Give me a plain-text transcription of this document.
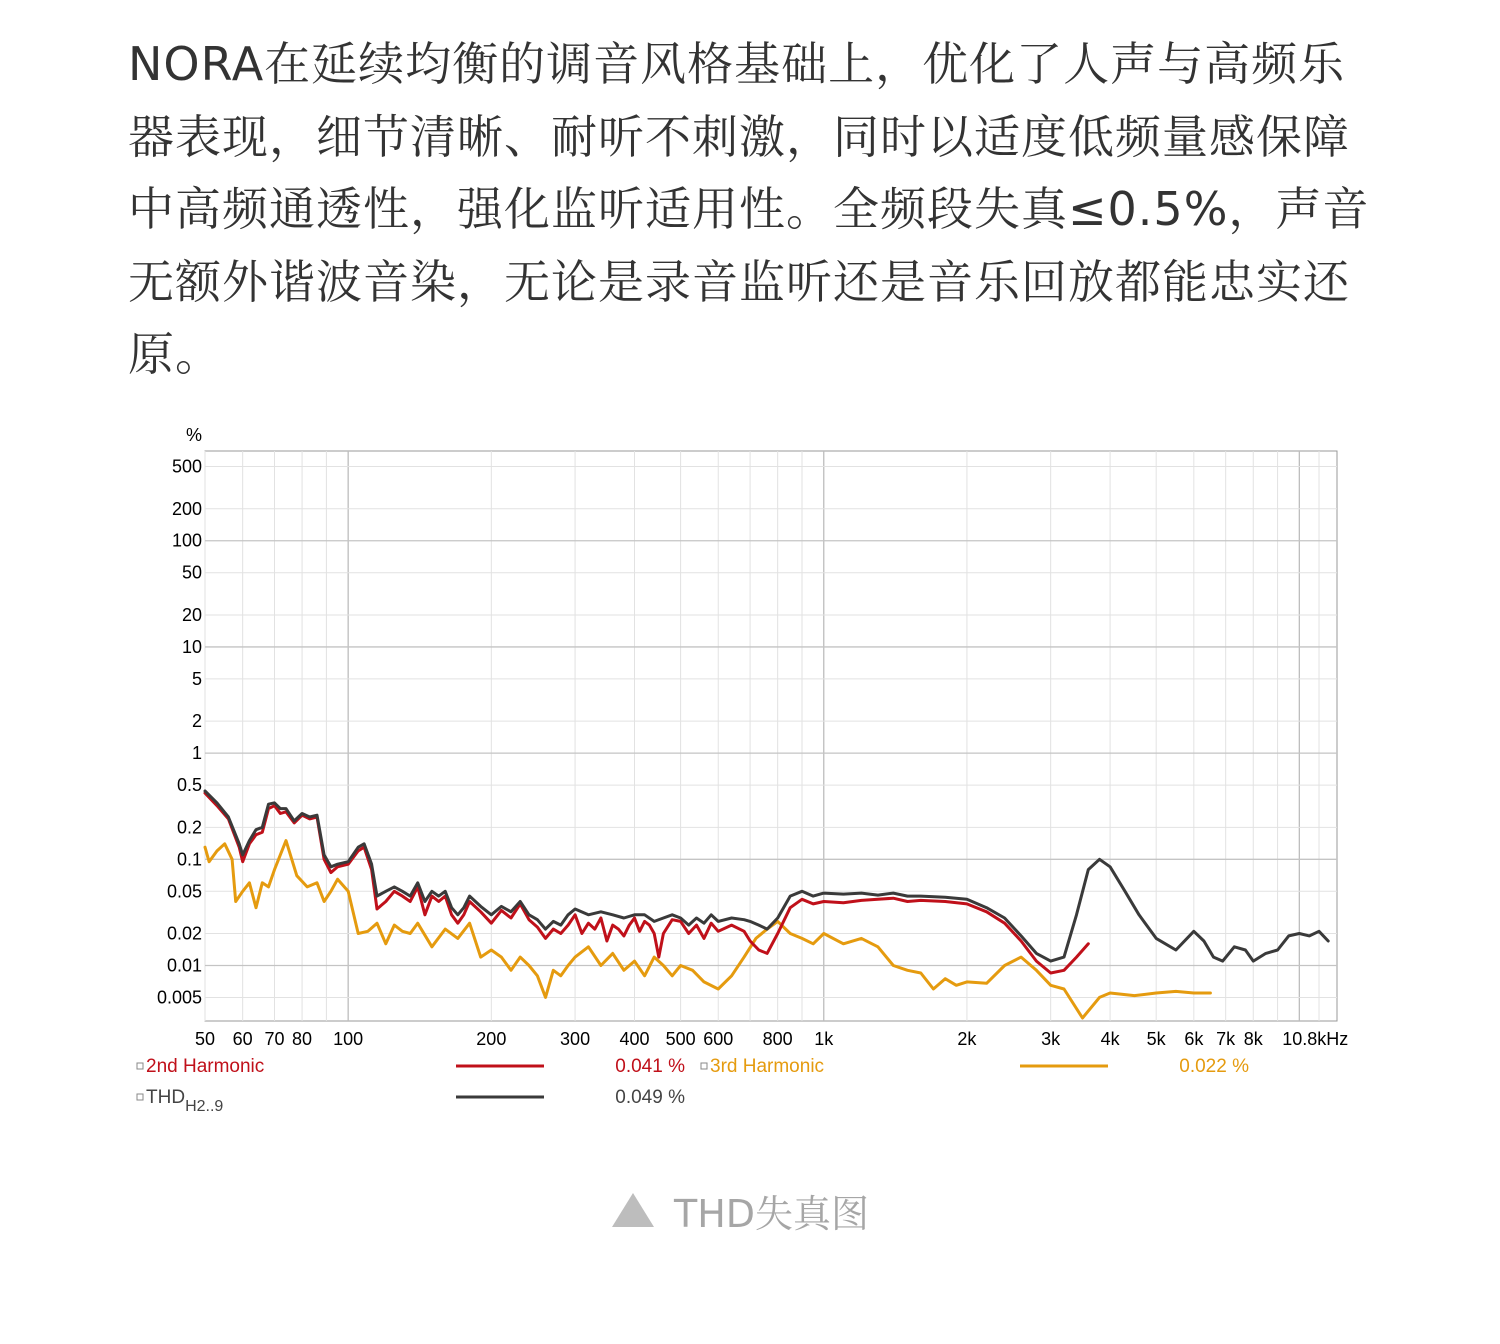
NORA在延续均衡的调音风格基础上，优化了人声与高频乐器表现，细节清晰、耐听不刺激，同时以适度低频量感保障中高频通透性，强化监听适用性。全频段失真≤0.5%，声音无额外谐波音染，无论是录音监听还是音乐回放都能忠实还原。

%
500
200
100
50
20
10
5
2
1
0.5
0.2
0.1
0.05
0.02
0.01
0.005
50 60 70 80 100	200	300 400 500 600 800 1k	2k	3k 4k 5k 6k 7k 8k 10.8kHz
2nd Harmonic	0.041 % 3rd Harmonic	0.022 %
$THD_{H2..9}$	0.049 %
THD失真图
